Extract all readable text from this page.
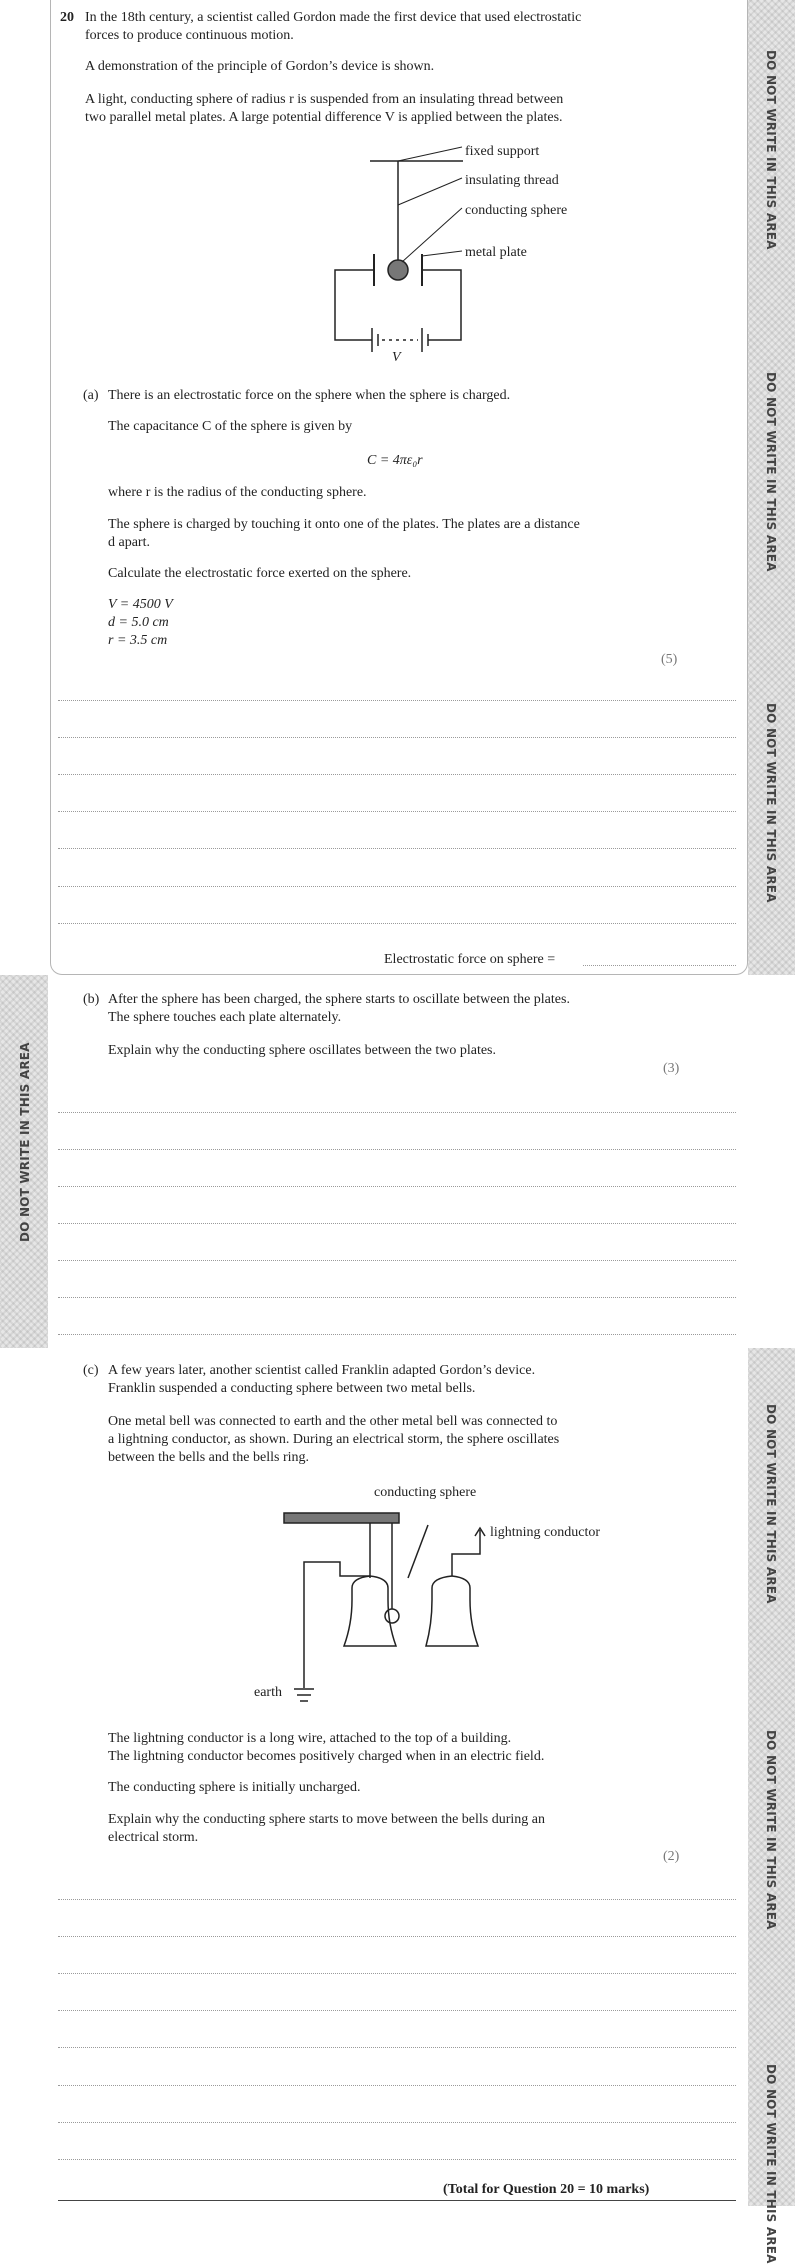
DO NOT WRITE IN THIS AREA
DO NOT WRITE IN THIS AREA
DO NOT WRITE IN THIS AREA
DO NOT WRITE IN THIS AREA
DO NOT WRITE IN THIS AREA
DO NOT WRITE IN THIS AREA
DO NOT WRITE IN THIS AREA
20 In the 18th century, a scientist called Gordon made the first device that used electrostatic
forces to produce continuous motion.
A demonstration of the principle of Gordon’s device is shown.
A light, conducting sphere of radius r is suspended from an insulating thread between
two parallel metal plates. A large potential difference V is applied between the plates.
fixed support
insulating thread
conducting sphere
metal plate
V
(a) There is an electrostatic force on the sphere when the sphere is charged.
The capacitance C of the sphere is given by
C = 4πε₀r
where r is the radius of the conducting sphere.
The sphere is charged by touching it onto one of the plates. The plates are a distance
d apart.
Calculate the electrostatic force exerted on the sphere.
V = 4500 V
d = 5.0 cm
r = 3.5 cm
(5)
Electrostatic force on sphere =
(b) After the sphere has been charged, the sphere starts to oscillate between the plates.
The sphere touches each plate alternately.
Explain why the conducting sphere oscillates between the two plates.
(3)
(c) A few years later, another scientist called Franklin adapted Gordon’s device.
Franklin suspended a conducting sphere between two metal bells.
One metal bell was connected to earth and the other metal bell was connected to
a lightning conductor, as shown. During an electrical storm, the sphere oscillates
between the bells and the bells ring.
conducting sphere
lightning conductor
earth
The lightning conductor is a long wire, attached to the top of a building.
The lightning conductor becomes positively charged when in an electric field.
The conducting sphere is initially uncharged.
Explain why the conducting sphere starts to move between the bells during an
electrical storm.
(2)
(Total for Question 20 = 10 marks)
